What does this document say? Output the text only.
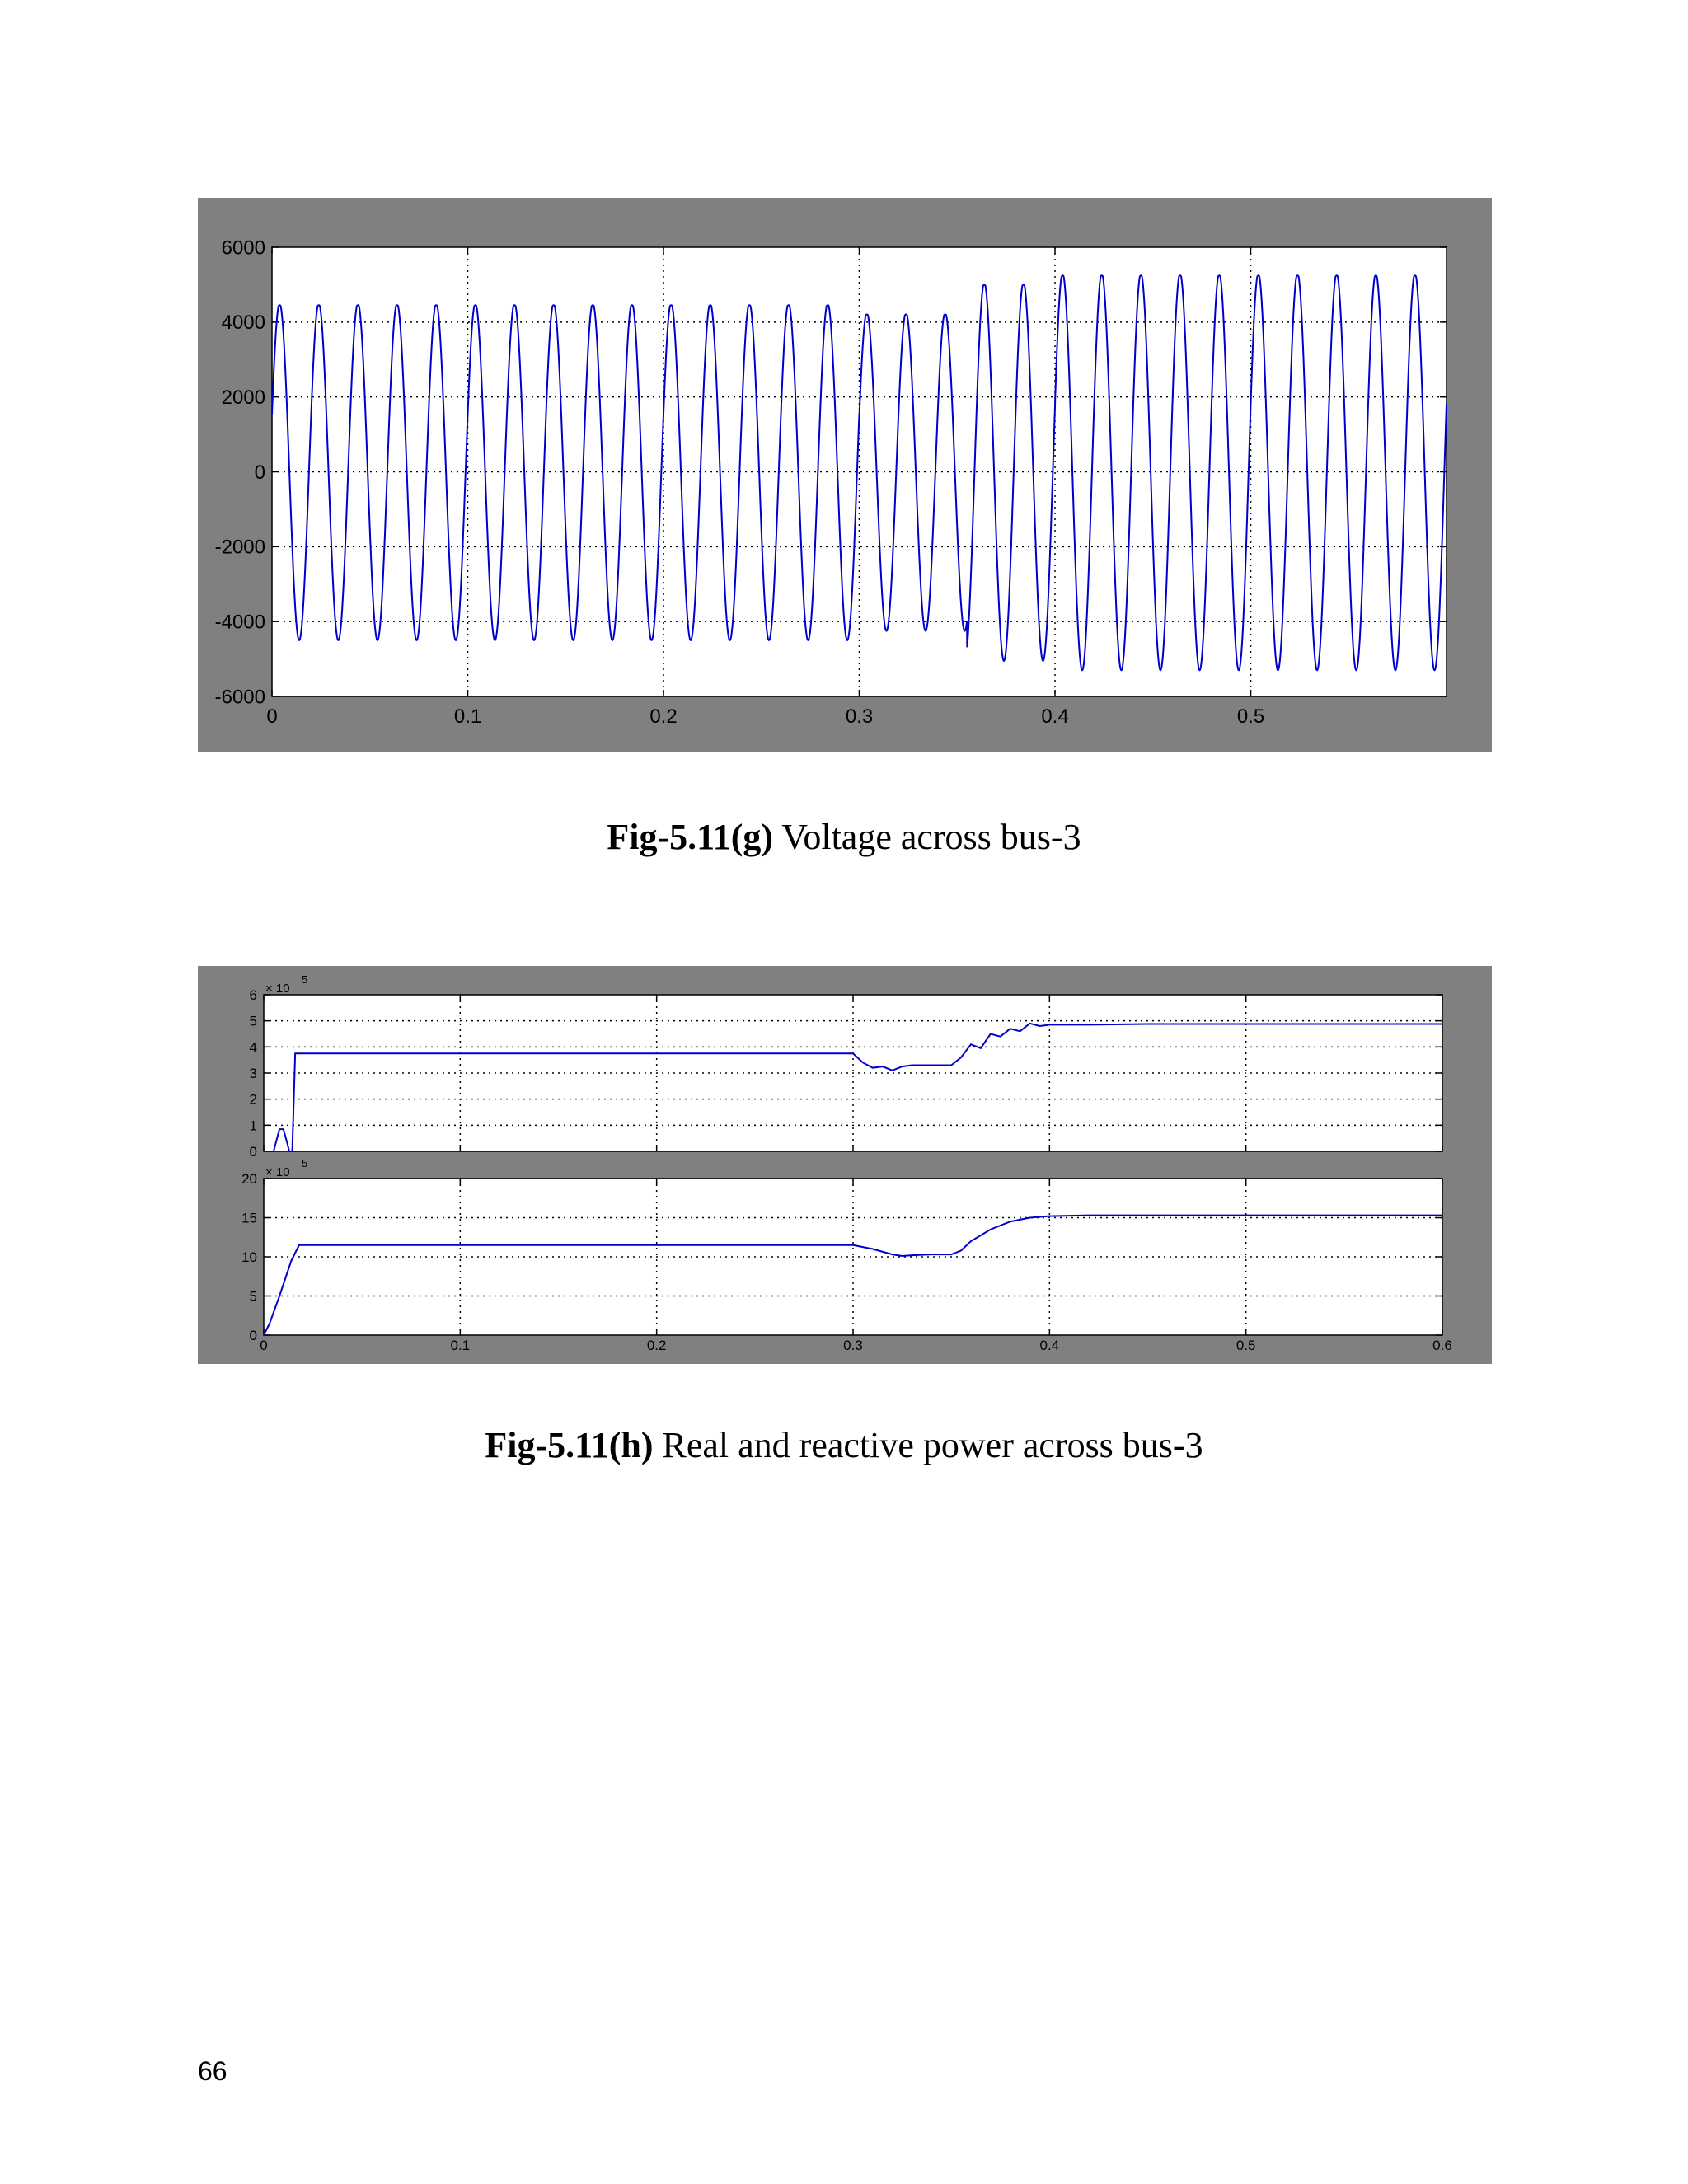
0	0.1	0.2	0.3	0.4	0.5
6000
4000
2000
0
-2000
-4000
-6000
Fig-5.11(g) Voltage across bus-3
6
5
4
3
2
1
0
× 10
5
0	0.1	0.2	0.3	0.4	0.5	0.6
20
15
10
5
0
× 10
5
Fig-5.11(h) Real and reactive power across bus-3
66
